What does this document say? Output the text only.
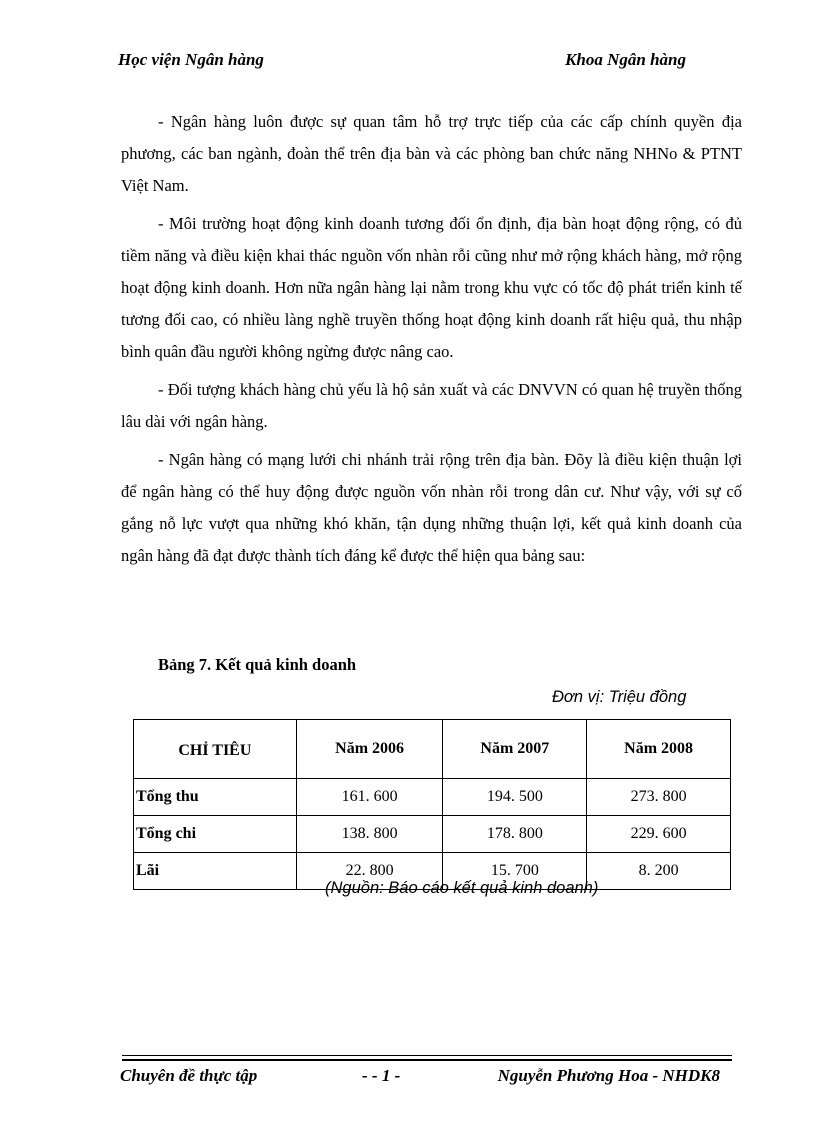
Học viện Ngân hàng	Khoa Ngân hàng

- Ngân hàng luôn được sự quan tâm hỗ trợ trực tiếp của các cấp chính quyền địa phương, các ban ngành, đoàn thể trên địa bàn và các phòng ban chức năng NHNo & PTNT Việt Nam.

- Môi trường hoạt động kinh doanh tương đối ổn định, địa bàn hoạt động rộng, có đủ tiềm năng và điều kiện khai thác nguồn vốn nhàn rỗi cũng như mở rộng khách hàng, mở rộng hoạt động kinh doanh. Hơn nữa ngân hàng lại nằm trong khu vực có tốc độ phát triển kinh tế tương đối cao, có nhiều làng nghề truyền thống hoạt động kinh doanh rất hiệu quả, thu nhập bình quân đầu người không ngừng được nâng cao.

- Đối tượng khách hàng chủ yếu là hộ sản xuất và các DNVVN có quan hệ truyền thống lâu dài với ngân hàng.

- Ngân hàng có mạng lưới chi nhánh trải rộng trên địa bàn. Đõy là điều kiện thuận lợi để ngân hàng có thể huy động được nguồn vốn nhàn rỗi trong dân cư. Như vậy, với sự cố gắng nỗ lực vượt qua những khó khăn, tận dụng những thuận lợi, kết quả kinh doanh của ngân hàng đã đạt được thành tích đáng kể được thể hiện qua bảng sau:

Bảng 7. Kết quả kinh doanh
Đơn vị: Triệu đồng
CHỈ TIÊU	Năm 2006	Năm 2007	Năm 2008
Tổng thu	161. 600	194. 500	273. 800
Tổng chi	138. 800	178. 800	229. 600
Lãi	22. 800	15. 700	8. 200
(Nguồn: Báo cáo kết quả kinh doanh)
Chuyên đề thực tập	- - 1 -	Nguyễn Phương Hoa - NHDK8
